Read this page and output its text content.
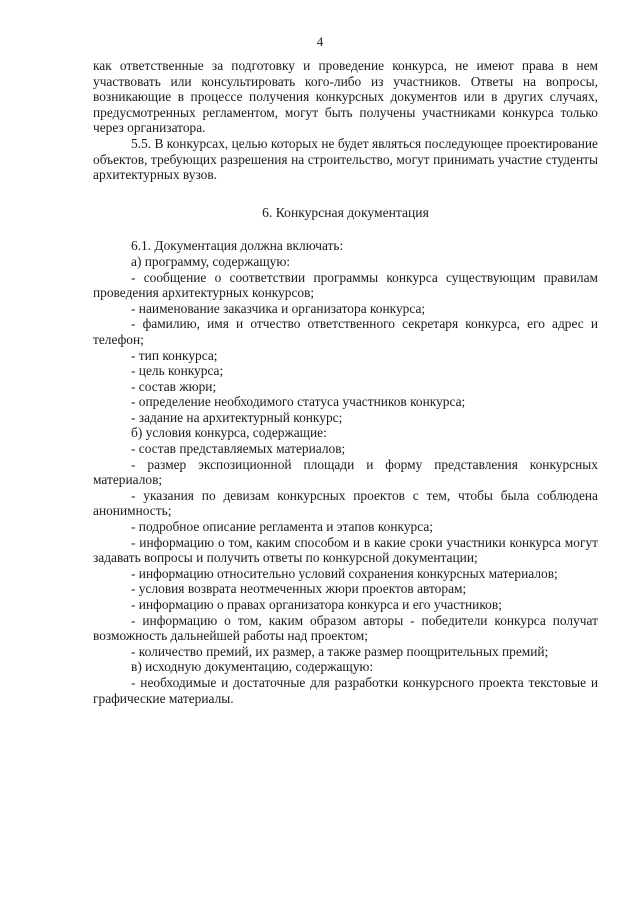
4

как ответственные за подготовку и проведение конкурса, не имеют права в нем участвовать или консультировать кого-либо из участников. Ответы на вопросы, возникающие в процессе получения конкурсных документов или в других случаях, предусмотренных регламентом, могут быть получены участниками конкурса только через организатора.

5.5. В конкурсах, целью которых не будет являться последующее проектирование объектов, требующих разрешения на строительство, могут принимать участие студенты архитектурных вузов.

6. Конкурсная документация

6.1. Документация должна включать:

а) программу, содержащую:
- сообщение о соответствии программы конкурса существующим правилам проведения архитектурных конкурсов;
- наименование заказчика и организатора конкурса;
- фамилию, имя и отчество ответственного секретаря конкурса, его адрес и телефон;
- тип конкурса;
- цель конкурса;
- состав жюри;
- определение необходимого статуса участников конкурса;
- задание на архитектурный конкурс;
б) условия конкурса, содержащие:
- состав представляемых материалов;
- размер экспозиционной площади и форму представления конкурсных материалов;
- указания по девизам конкурсных проектов с тем, чтобы была соблюдена анонимность;
- подробное описание регламента и этапов конкурса;
- информацию о том, каким способом и в какие сроки участники конкурса могут задавать вопросы и получить ответы по конкурсной документации;
- информацию относительно условий сохранения конкурсных материалов;
- условия возврата неотмеченных жюри проектов авторам;
- информацию о правах организатора конкурса и его участников;
- информацию о том, каким образом авторы - победители конкурса получат возможность дальнейшей работы над проектом;
- количество премий, их размер, а также размер поощрительных премий;
в) исходную документацию, содержащую:
- необходимые и достаточные для разработки конкурсного проекта текстовые и графические материалы.
